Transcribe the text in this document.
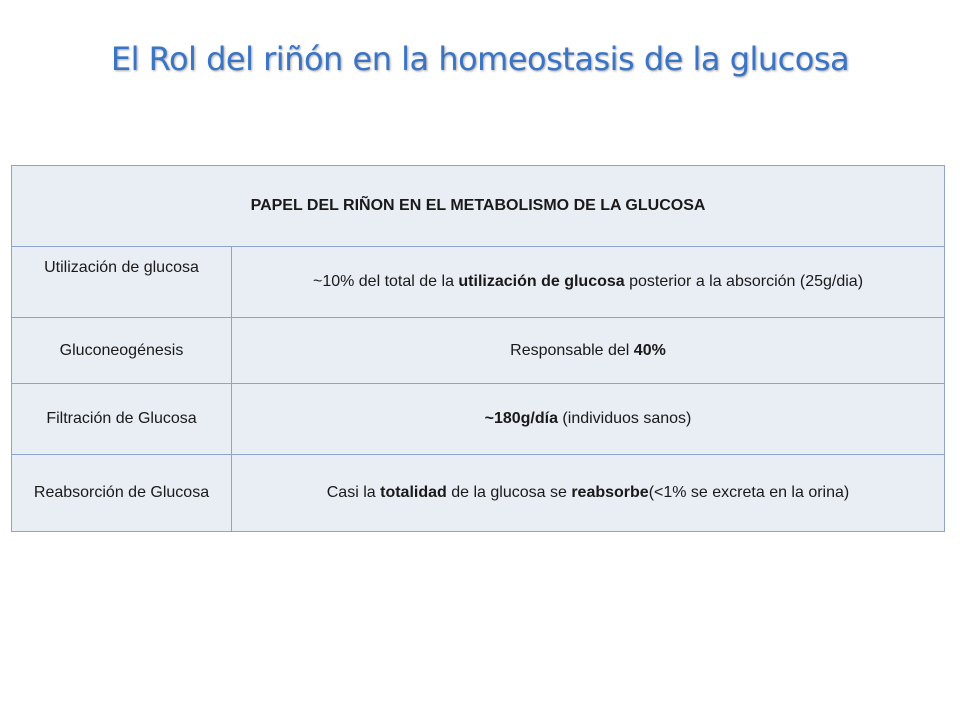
El Rol del riñón en la homeostasis de la glucosa
PAPEL DEL RIÑON EN EL METABOLISMO DE LA GLUCOSA	
Utilización de glucosa	~10% del total de la utilización de glucosa posterior a la absorción (25g/dia)
Gluconeogénesis	Responsable del 40%
Filtración de Glucosa	~180g/día (individuos sanos)
Reabsorción de Glucosa	Casi la totalidad de la glucosa se reabsorbe(<1% se excreta en la orina)
